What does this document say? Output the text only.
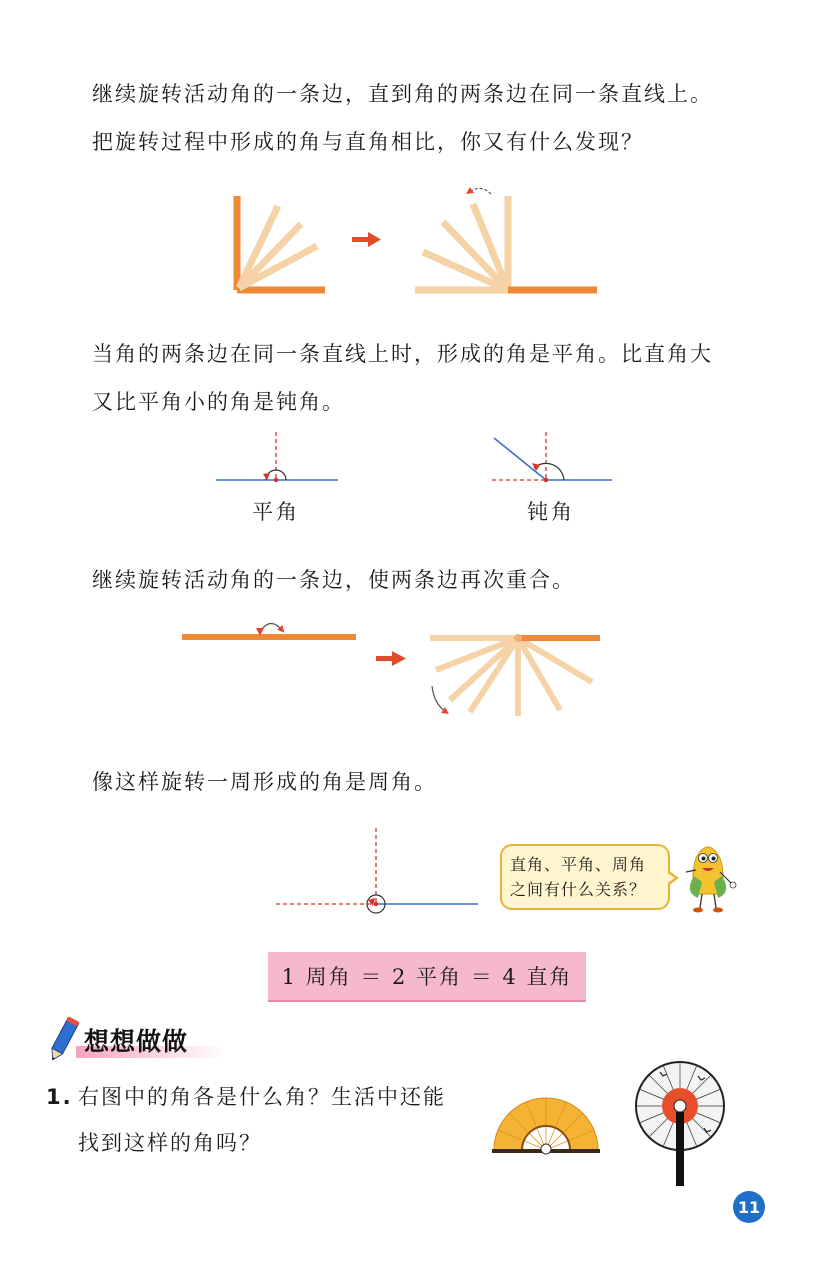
继续旋转活动角的一条边，直到角的两条边在同一条直线上。
把旋转过程中形成的角与直角相比，你又有什么发现？
当角的两条边在同一条直线上时，形成的角是平角。比直角大
又比平角小的角是钝角。
平角	钝角
继续旋转活动角的一条边，使两条边再次重合。
像这样旋转一周形成的角是周角。
直角、平角、周角
之间有什么关系？
1 周角 ＝ 2 平角 ＝ 4 直角
想想做做
1. 右图中的角各是什么角？生活中还能
找到这样的角吗？
11
